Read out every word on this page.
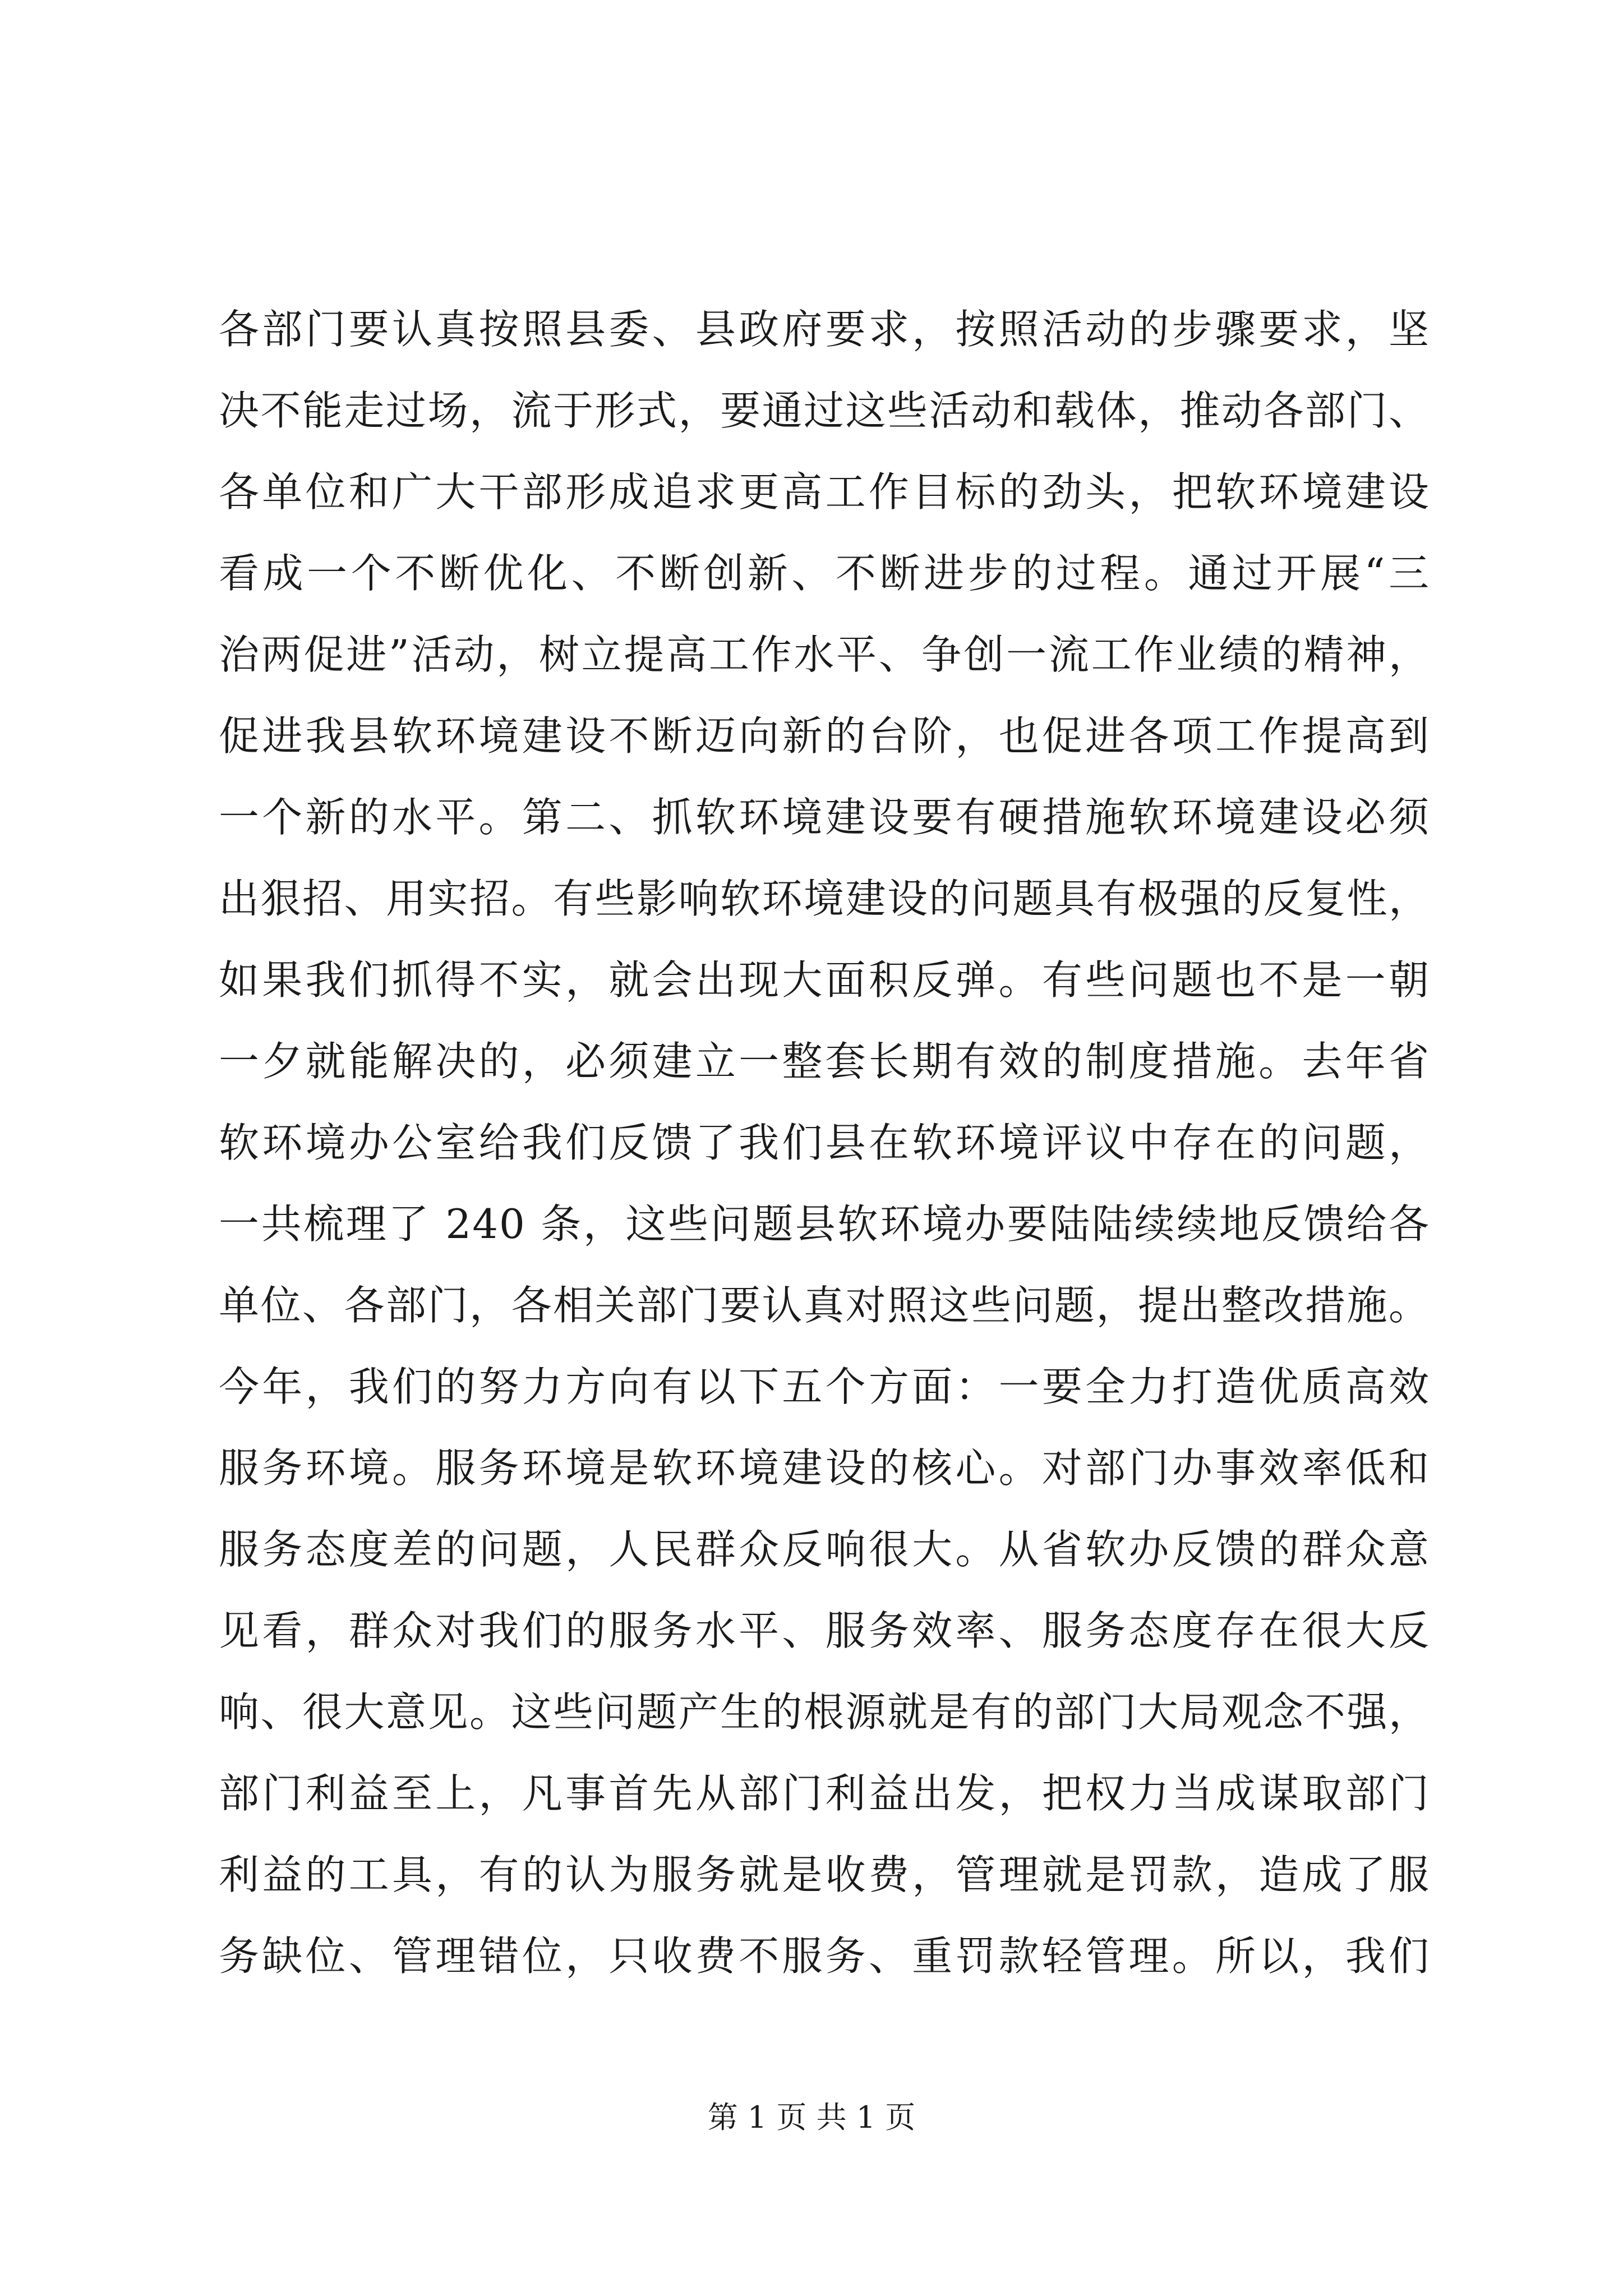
各部门要认真按照县委、县政府要求，按照活动的步骤要求，坚
决不能走过场，流于形式，要通过这些活动和载体，推动各部门、
各单位和广大干部形成追求更高工作目标的劲头，把软环境建设
看成一个不断优化、不断创新、不断进步的过程。通过开展“三
治两促进”活动，树立提高工作水平、争创一流工作业绩的精神，
促进我县软环境建设不断迈向新的台阶，也促进各项工作提高到
一个新的水平。第二、抓软环境建设要有硬措施软环境建设必须
出狠招、用实招。有些影响软环境建设的问题具有极强的反复性，
如果我们抓得不实，就会出现大面积反弹。有些问题也不是一朝
一夕就能解决的，必须建立一整套长期有效的制度措施。去年省
软环境办公室给我们反馈了我们县在软环境评议中存在的问题，
一共梳理了 240 条，这些问题县软环境办要陆陆续续地反馈给各
单位、各部门，各相关部门要认真对照这些问题，提出整改措施。
今年，我们的努力方向有以下五个方面：一要全力打造优质高效
服务环境。服务环境是软环境建设的核心。对部门办事效率低和
服务态度差的问题，人民群众反响很大。从省软办反馈的群众意
见看，群众对我们的服务水平、服务效率、服务态度存在很大反
响、很大意见。这些问题产生的根源就是有的部门大局观念不强，
部门利益至上，凡事首先从部门利益出发，把权力当成谋取部门
利益的工具，有的认为服务就是收费，管理就是罚款，造成了服
务缺位、管理错位，只收费不服务、重罚款轻管理。所以，我们
第 1 页 共 1 页
